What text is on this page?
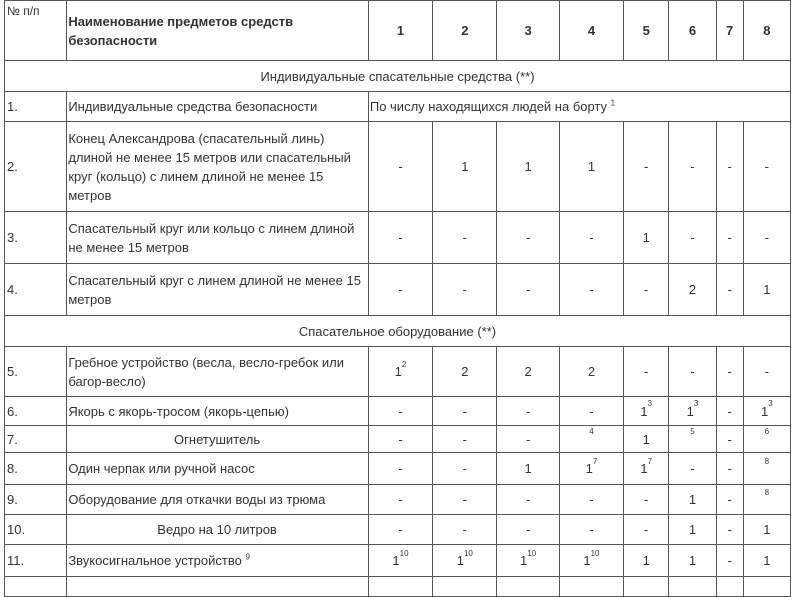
№ п/п	Наименование предметов средств безопасности	1	2	3	4	5	6	7	8
Индивидуальные спасательные средства (**)									
1.	Индивидуальные средства безопасности	По числу находящихся людей на борту $^1$
2.	Конец Александрова (спасательный линь) длиной не менее 15 метров или спасательный круг (кольцо) с линем длиной не менее 15 метров	-	1	1	1	-	-	-	-
3.	Спасательный круг или кольцо с линем длиной не менее 15 метров	-	-	-	-	1	-	-	-
4.	Спасательный круг с линем длиной не менее 15 метров	-	-	-	-	-	2	-	1
Спасательное оборудование (**)									
5.	Гребное устройство (весла, весло-гребок или багор-весло)	$1^2$	2	2	2	-	-	-	-
6.	Якорь с якорь-тросом (якорь-цепью)	-	-	-	-	$1^3$	$1^3$	-	$1^3$
7.	Огнетушитель	-	-	-	$^4$	1	$^5$	-	$^6$
8.	Один черпак или ручной насос	-	-	1	$1^7$	$1^7$	-	-	$^8$
9.	Оборудование для откачки воды из трюма	-	-	-	-	-	1	-	$^8$
10.	Ведро на 10 литров	-	-	-	-	-	1	-	1
11.	Звукосигнальное устройство $^9$	$1^{10}$	$1^{10}$	$1^{10}$	$1^{10}$	1	1	-	1
